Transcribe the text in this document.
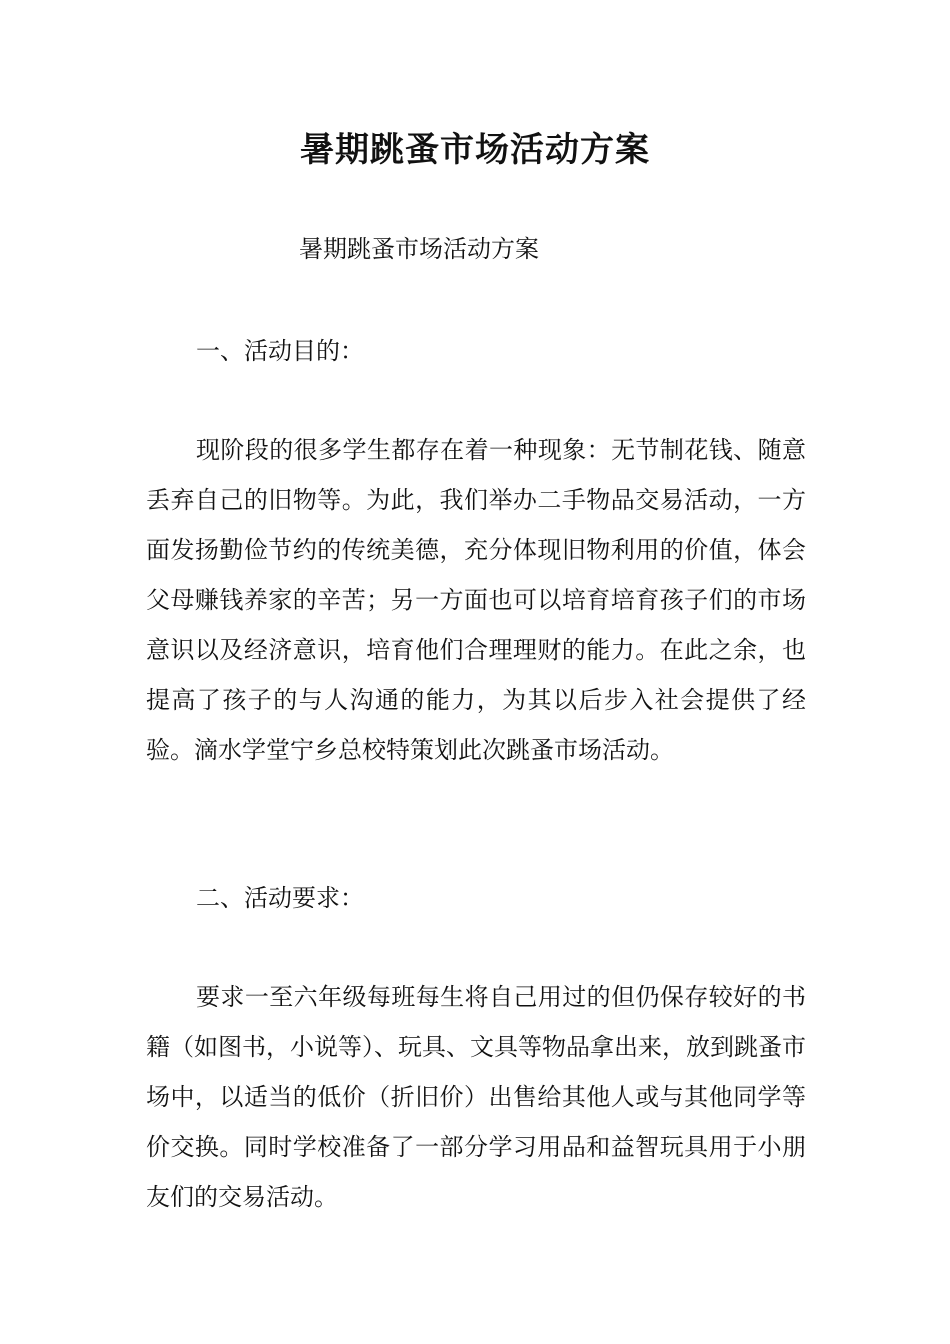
暑期跳蚤市场活动方案
暑期跳蚤市场活动方案
一、活动目的：

现阶段的很多学生都存在着一种现象：无节制花钱、随意丢弃自己的旧物等。为此，我们举办二手物品交易活动，一方面发扬勤俭节约的传统美德，充分体现旧物利用的价值，体会父母赚钱养家的辛苦；另一方面也可以培育培育孩子们的市场意识以及经济意识，培育他们合理理财的能力。在此之余，也提高了孩子的与人沟通的能力，为其以后步入社会提供了经验。滴水学堂宁乡总校特策划此次跳蚤市场活动。

二、活动要求：

要求一至六年级每班每生将自己用过的但仍保存较好的书籍（如图书，小说等）、玩具、文具等物品拿出来，放到跳蚤市场中，以适当的低价（折旧价）出售给其他人或与其他同学等价交换。同时学校准备了一部分学习用品和益智玩具用于小朋友们的交易活动。
